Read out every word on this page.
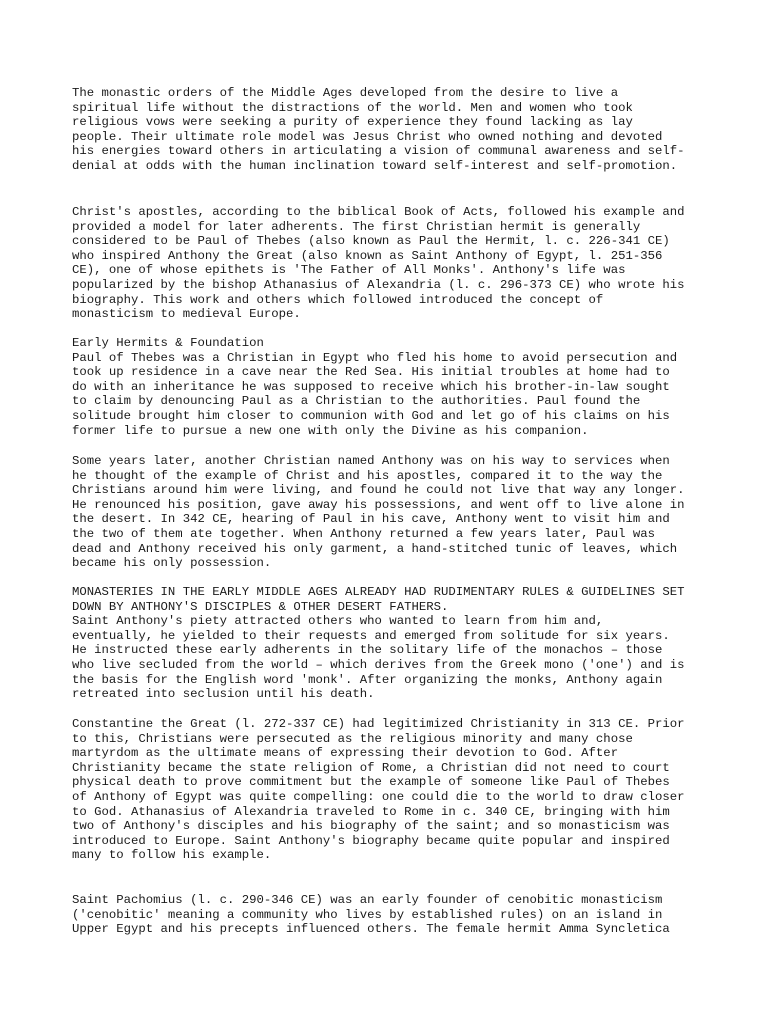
The monastic orders of the Middle Ages developed from the desire to live a
spiritual life without the distractions of the world. Men and women who took
religious vows were seeking a purity of experience they found lacking as lay
people. Their ultimate role model was Jesus Christ who owned nothing and devoted
his energies toward others in articulating a vision of communal awareness and self-
denial at odds with the human inclination toward self-interest and self-promotion.

Christ's apostles, according to the biblical Book of Acts, followed his example and
provided a model for later adherents. The first Christian hermit is generally
considered to be Paul of Thebes (also known as Paul the Hermit, l. c. 226-341 CE)
who inspired Anthony the Great (also known as Saint Anthony of Egypt, l. 251-356
CE), one of whose epithets is 'The Father of All Monks'. Anthony's life was
popularized by the bishop Athanasius of Alexandria (l. c. 296-373 CE) who wrote his
biography. This work and others which followed introduced the concept of
monasticism to medieval Europe.

Early Hermits & Foundation
Paul of Thebes was a Christian in Egypt who fled his home to avoid persecution and
took up residence in a cave near the Red Sea. His initial troubles at home had to
do with an inheritance he was supposed to receive which his brother-in-law sought
to claim by denouncing Paul as a Christian to the authorities. Paul found the
solitude brought him closer to communion with God and let go of his claims on his
former life to pursue a new one with only the Divine as his companion.

Some years later, another Christian named Anthony was on his way to services when
he thought of the example of Christ and his apostles, compared it to the way the
Christians around him were living, and found he could not live that way any longer.
He renounced his position, gave away his possessions, and went off to live alone in
the desert. In 342 CE, hearing of Paul in his cave, Anthony went to visit him and
the two of them ate together. When Anthony returned a few years later, Paul was
dead and Anthony received his only garment, a hand-stitched tunic of leaves, which
became his only possession.

MONASTERIES IN THE EARLY MIDDLE AGES ALREADY HAD RUDIMENTARY RULES & GUIDELINES SET
DOWN BY ANTHONY'S DISCIPLES & OTHER DESERT FATHERS.
Saint Anthony's piety attracted others who wanted to learn from him and,
eventually, he yielded to their requests and emerged from solitude for six years.
He instructed these early adherents in the solitary life of the monachos – those
who live secluded from the world – which derives from the Greek mono ('one') and is
the basis for the English word 'monk'. After organizing the monks, Anthony again
retreated into seclusion until his death.

Constantine the Great (l. 272-337 CE) had legitimized Christianity in 313 CE. Prior
to this, Christians were persecuted as the religious minority and many chose
martyrdom as the ultimate means of expressing their devotion to God. After
Christianity became the state religion of Rome, a Christian did not need to court
physical death to prove commitment but the example of someone like Paul of Thebes
of Anthony of Egypt was quite compelling: one could die to the world to draw closer
to God. Athanasius of Alexandria traveled to Rome in c. 340 CE, bringing with him
two of Anthony's disciples and his biography of the saint; and so monasticism was
introduced to Europe. Saint Anthony's biography became quite popular and inspired
many to follow his example.

Saint Pachomius (l. c. 290-346 CE) was an early founder of cenobitic monasticism
('cenobitic' meaning a community who lives by established rules) on an island in
Upper Egypt and his precepts influenced others. The female hermit Amma Syncletica
